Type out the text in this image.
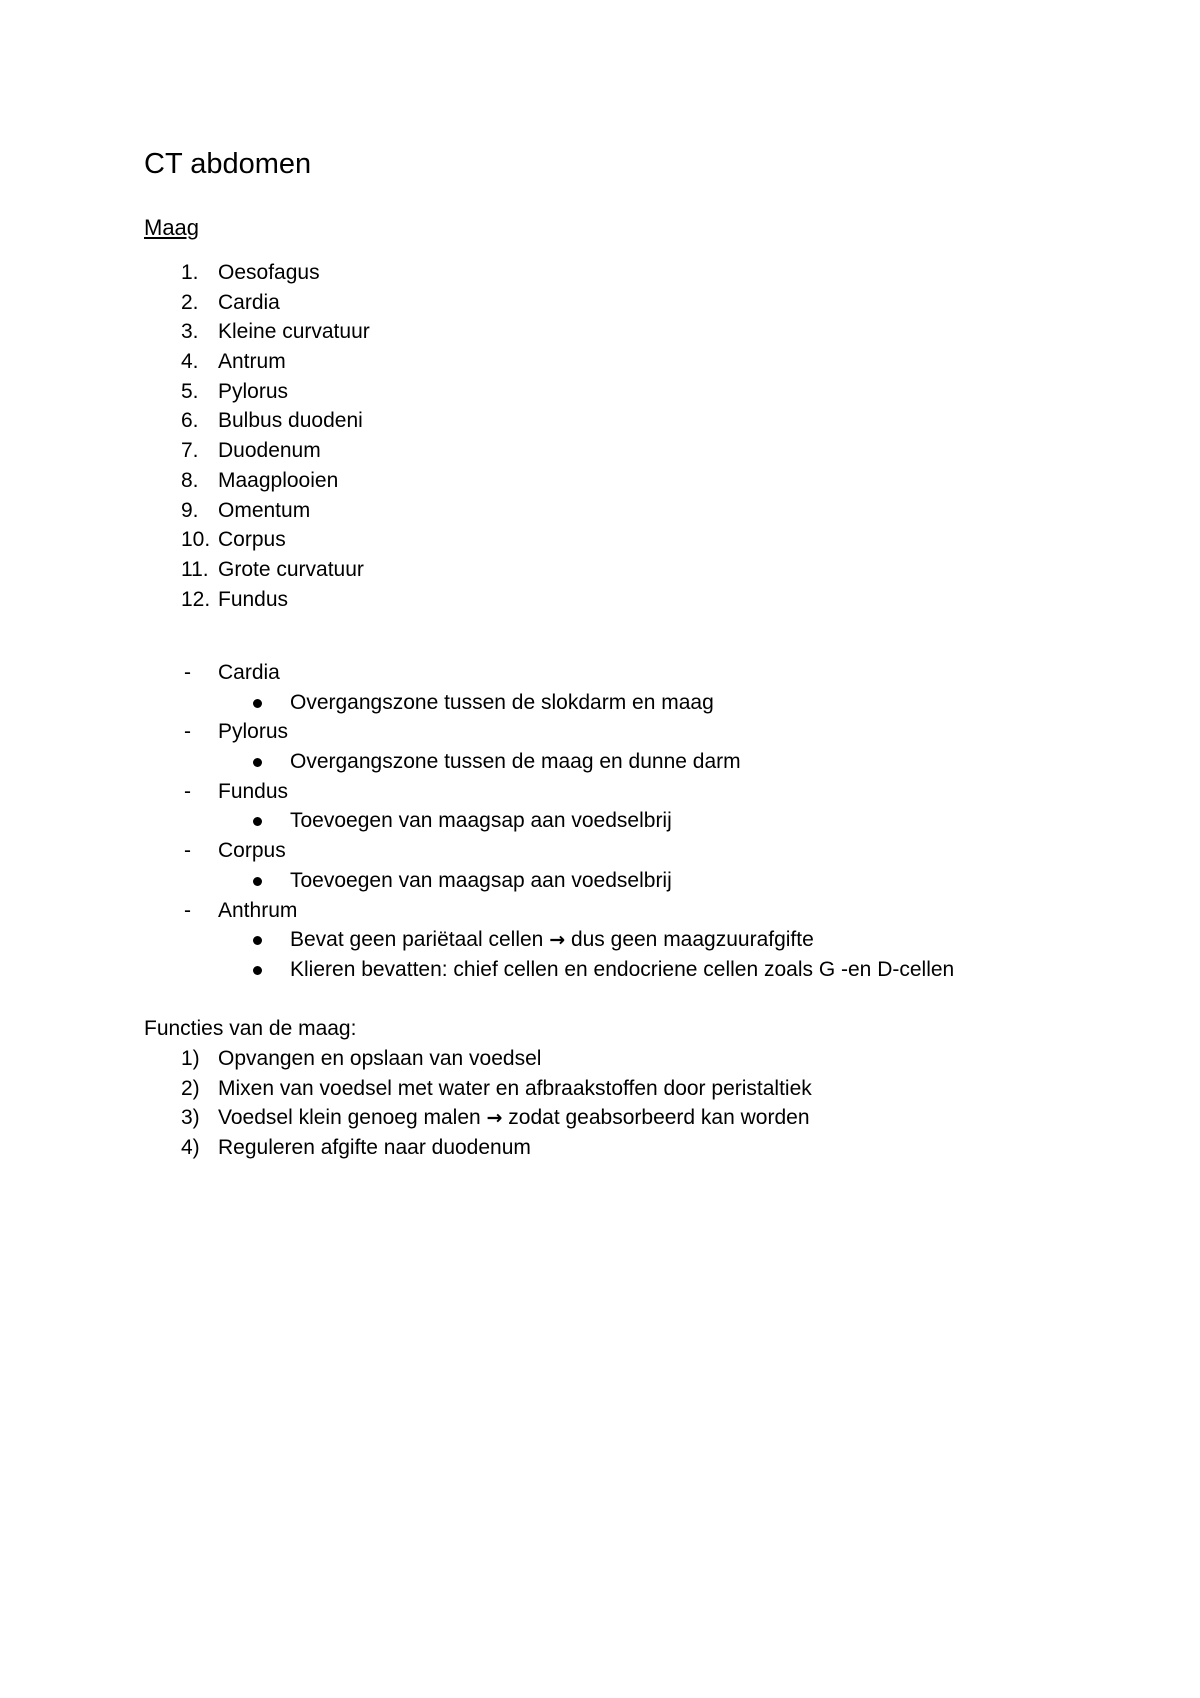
CT abdomen
Maag
1. Oesofagus
2. Cardia
3. Kleine curvatuur
4. Antrum
5. Pylorus
6. Bulbus duodeni
7. Duodenum
8. Maagplooien
9. Omentum
10. Corpus
11. Grote curvatuur
12. Fundus
- Cardia
Overgangszone tussen de slokdarm en maag
- Pylorus
Overgangszone tussen de maag en dunne darm
- Fundus
Toevoegen van maagsap aan voedselbrij
- Corpus
Toevoegen van maagsap aan voedselbrij
- Anthrum
Bevat geen pariëtaal cellen → dus geen maagzuurafgifte
Klieren bevatten: chief cellen en endocriene cellen zoals G -en D-cellen
Functies van de maag:
1) Opvangen en opslaan van voedsel
2) Mixen van voedsel met water en afbraakstoffen door peristaltiek
3) Voedsel klein genoeg malen → zodat geabsorbeerd kan worden
4) Reguleren afgifte naar duodenum
